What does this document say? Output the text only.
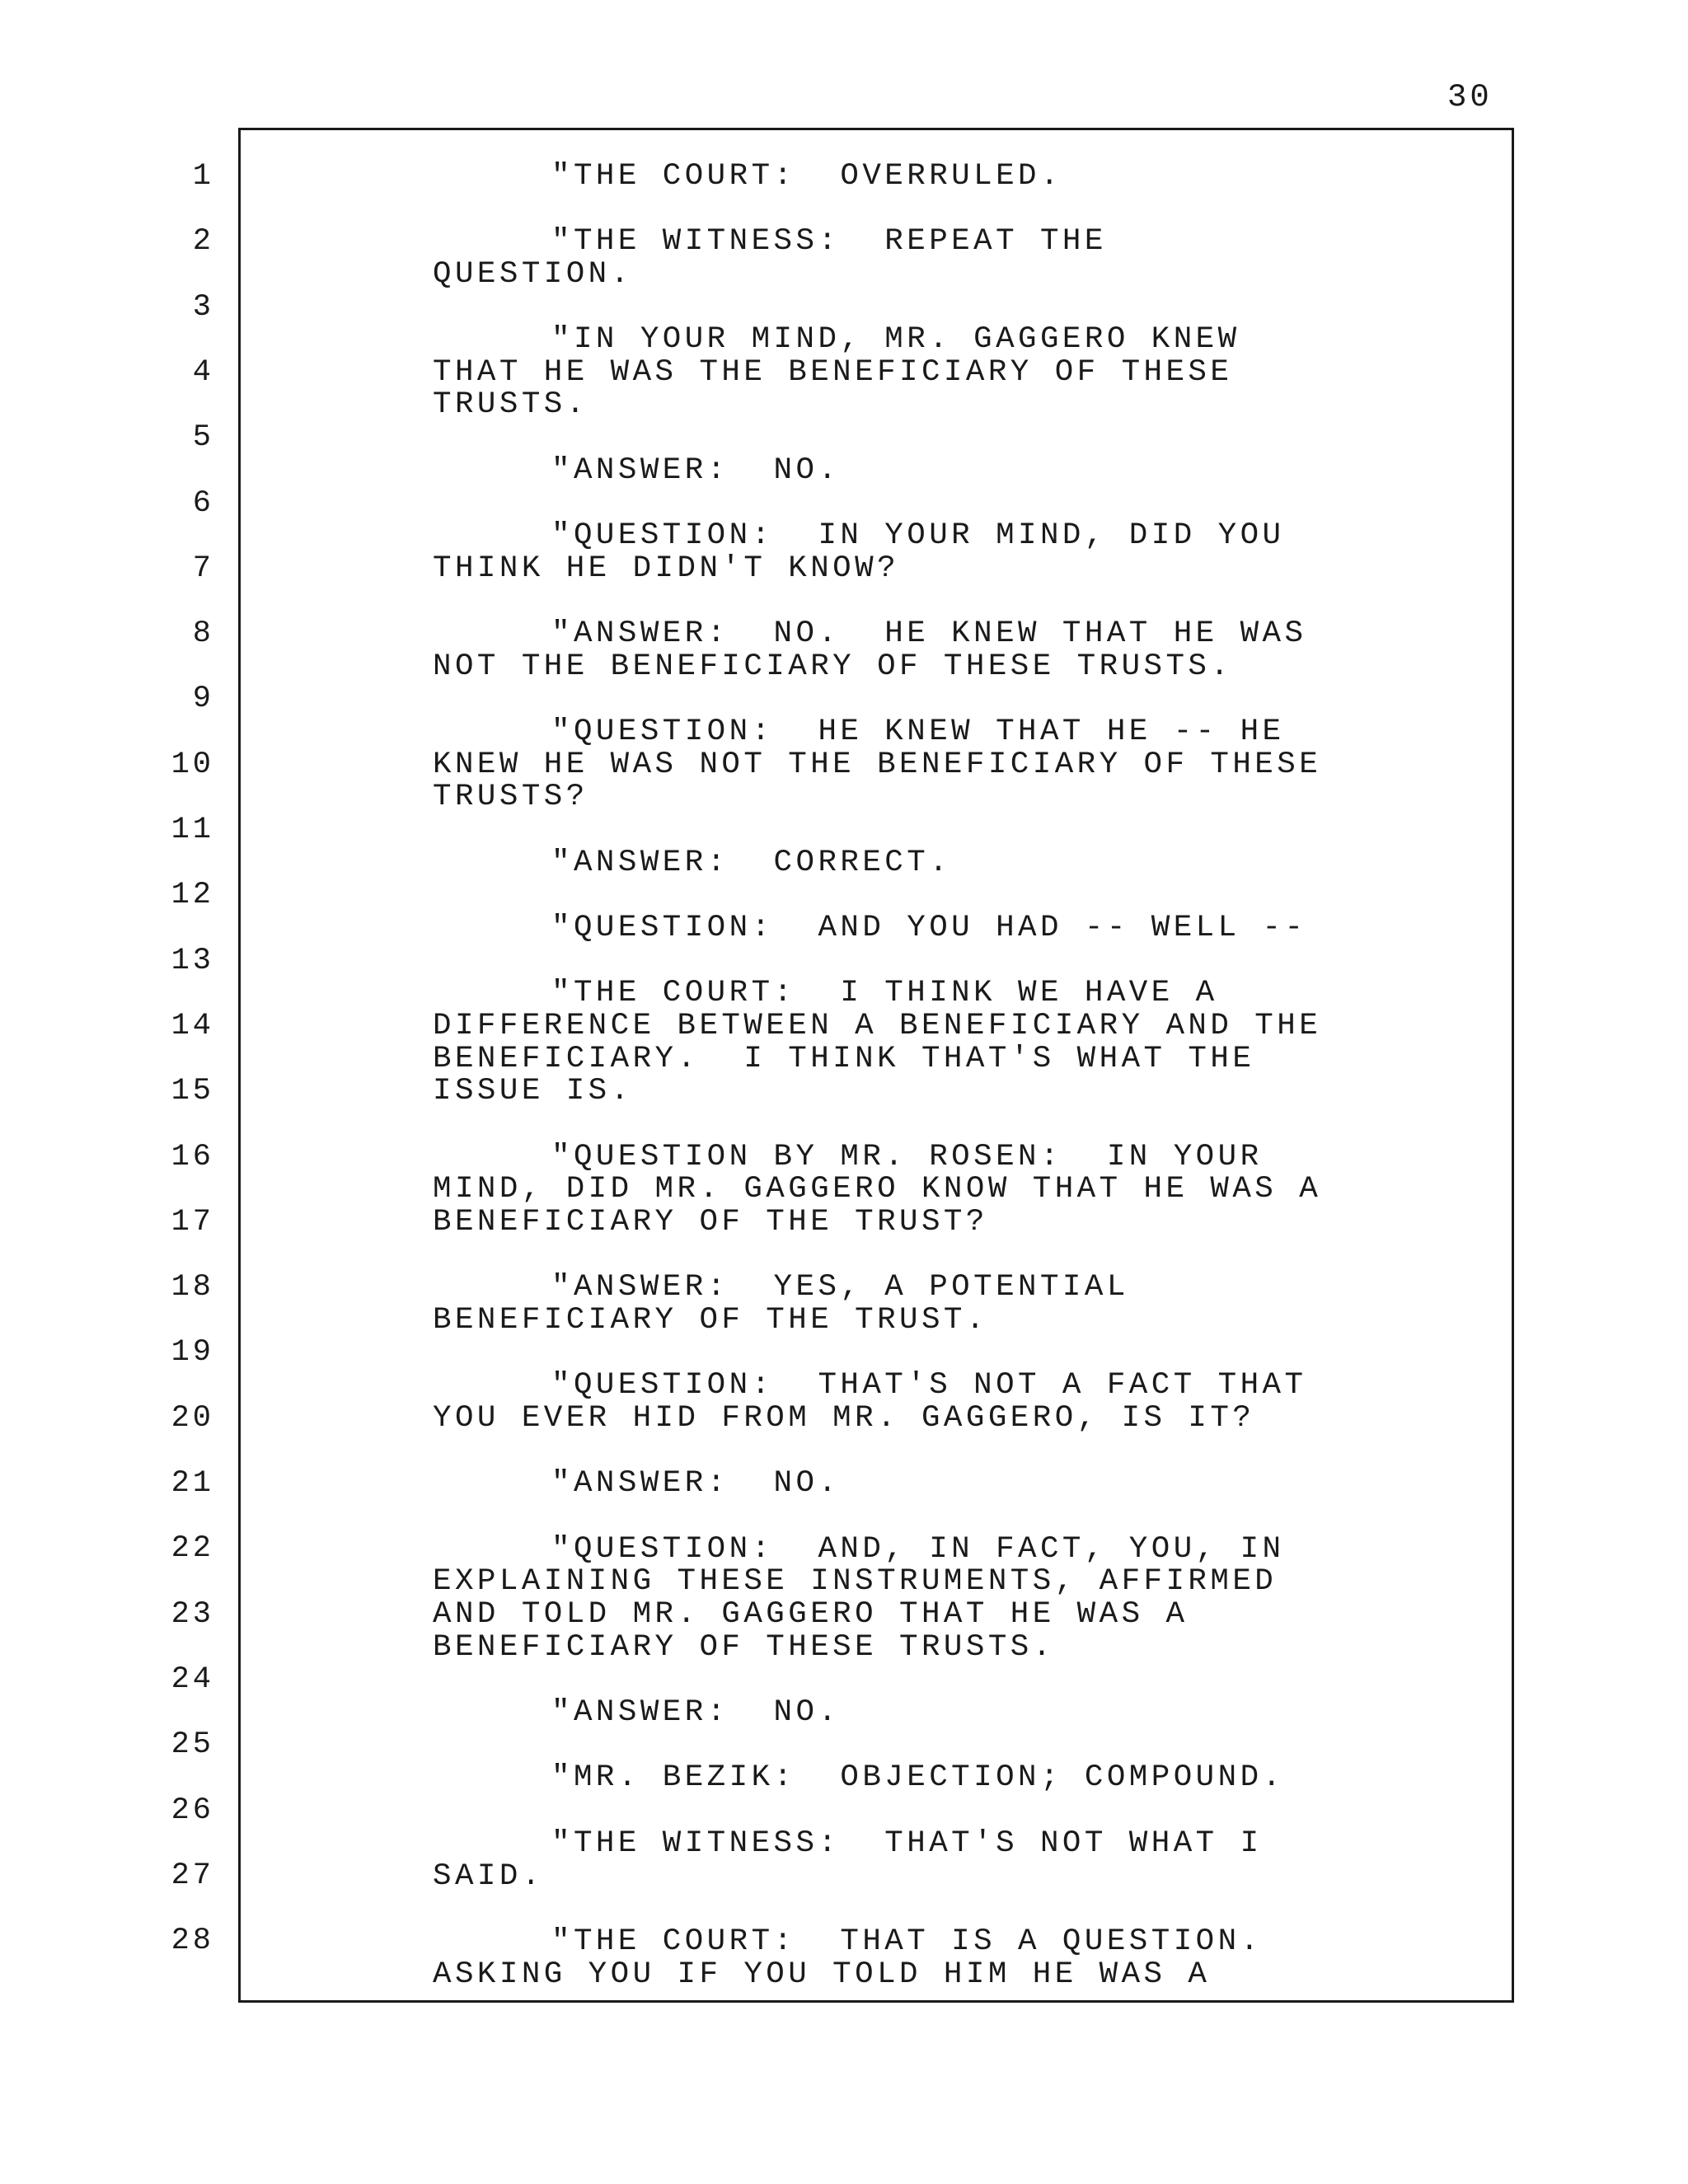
30
1
2
3
4
5
6
7
8
9
10
11
12
13
14
15
16
17
18
19
20
21
22
23
24
25
26
27
28
"THE COURT:  OVERRULED.
"THE WITNESS:  REPEAT THE
QUESTION.
"IN YOUR MIND, MR. GAGGERO KNEW
THAT HE WAS THE BENEFICIARY OF THESE
TRUSTS.
"ANSWER:  NO.
"QUESTION:  IN YOUR MIND, DID YOU
THINK HE DIDN'T KNOW?
"ANSWER:  NO.  HE KNEW THAT HE WAS
NOT THE BENEFICIARY OF THESE TRUSTS.
"QUESTION:  HE KNEW THAT HE -- HE
KNEW HE WAS NOT THE BENEFICIARY OF THESE
TRUSTS?
"ANSWER:  CORRECT.
"QUESTION:  AND YOU HAD -- WELL --
"THE COURT:  I THINK WE HAVE A
DIFFERENCE BETWEEN A BENEFICIARY AND THE
BENEFICIARY.  I THINK THAT'S WHAT THE
ISSUE IS.
"QUESTION BY MR. ROSEN:  IN YOUR
MIND, DID MR. GAGGERO KNOW THAT HE WAS A
BENEFICIARY OF THE TRUST?
"ANSWER:  YES, A POTENTIAL
BENEFICIARY OF THE TRUST.
"QUESTION:  THAT'S NOT A FACT THAT
YOU EVER HID FROM MR. GAGGERO, IS IT?
"ANSWER:  NO.
"QUESTION:  AND, IN FACT, YOU, IN
EXPLAINING THESE INSTRUMENTS, AFFIRMED
AND TOLD MR. GAGGERO THAT HE WAS A
BENEFICIARY OF THESE TRUSTS.
"ANSWER:  NO.
"MR. BEZIK:  OBJECTION; COMPOUND.
"THE WITNESS:  THAT'S NOT WHAT I
SAID.
"THE COURT:  THAT IS A QUESTION.
ASKING YOU IF YOU TOLD HIM HE WAS A
